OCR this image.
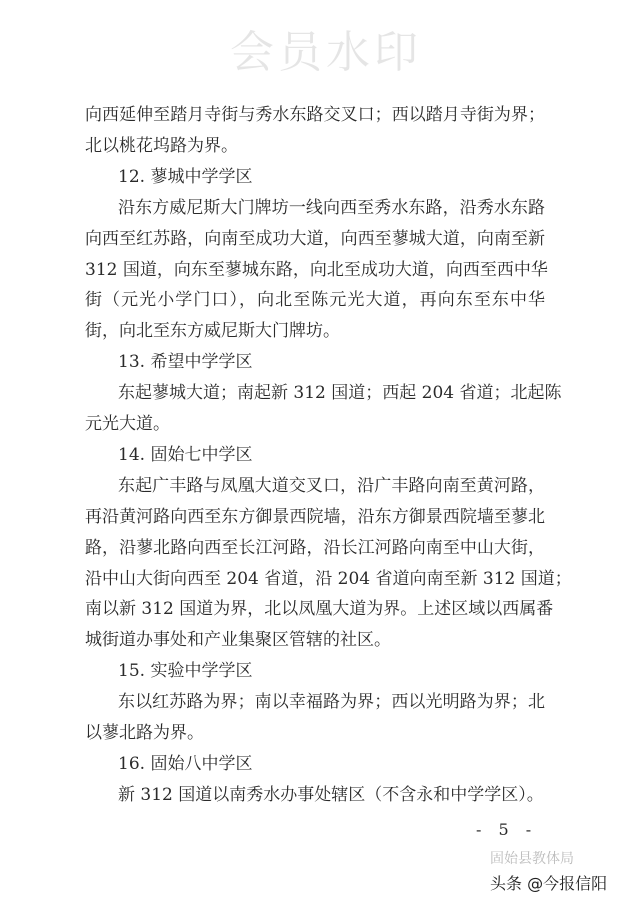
会员水印
向西延伸至踏月寺街与秀水东路交叉口；西以踏月寺街为界；
北以桃花坞路为界。
12. 蓼城中学学区
沿东方威尼斯大门牌坊一线向西至秀水东路，沿秀水东路
向西至红苏路，向南至成功大道，向西至蓼城大道，向南至新
312 国道，向东至蓼城东路，向北至成功大道，向西至西中华
街（元光小学门口），向北至陈元光大道，再向东至东中华
街，向北至东方威尼斯大门牌坊。
13. 希望中学学区
东起蓼城大道；南起新 312 国道；西起 204 省道；北起陈
元光大道。
14. 固始七中学区
东起广丰路与凤凰大道交叉口，沿广丰路向南至黄河路，
再沿黄河路向西至东方御景西院墙，沿东方御景西院墙至蓼北
路，沿蓼北路向西至长江河路，沿长江河路向南至中山大街，
沿中山大街向西至 204 省道，沿 204 省道向南至新 312 国道；
南以新 312 国道为界，北以凤凰大道为界。上述区域以西属番
城街道办事处和产业集聚区管辖的社区。
15. 实验中学学区
东以红苏路为界；南以幸福路为界；西以光明路为界；北
以蓼北路为界。
16. 固始八中学区
新 312 国道以南秀水办事处辖区（不含永和中学学区）。
- 5 -
固始县教体局
头条 @今报信阳
